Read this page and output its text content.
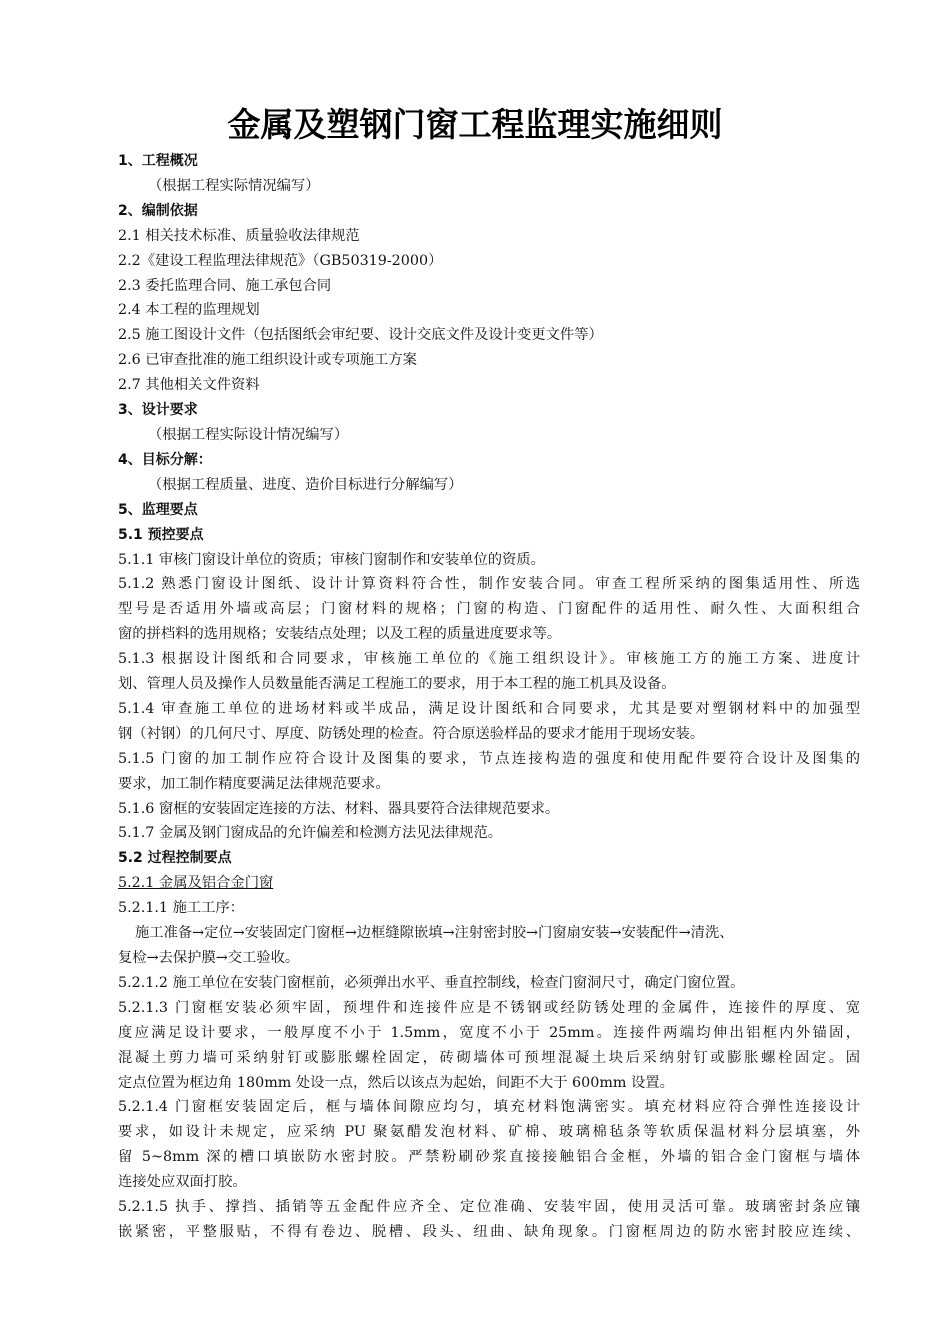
金属及塑钢门窗工程监理实施细则
1、工程概况
（根据工程实际情况编写）
2、编制依据
2.1 相关技术标准、质量验收法律规范
2.2《建设工程监理法律规范》（GB50319-2000）
2.3 委托监理合同、施工承包合同
2.4 本工程的监理规划
2.5 施工图设计文件（包括图纸会审纪要、设计交底文件及设计变更文件等）
2.6 已审查批准的施工组织设计或专项施工方案
2.7 其他相关文件资料
3、设计要求
（根据工程实际设计情况编写）
4、目标分解：
（根据工程质量、进度、造价目标进行分解编写）
5、监理要点
5.1 预控要点
5.1.1 审核门窗设计单位的资质；审核门窗制作和安装单位的资质。
5.1.2 熟悉门窗设计图纸、设计计算资料符合性，制作安装合同。审查工程所采纳的图集适用性、所选
型号是否适用外墙或高层；门窗材料的规格；门窗的构造、门窗配件的适用性、耐久性、大面积组合
窗的拼档料的选用规格；安装结点处理；以及工程的质量进度要求等。
5.1.3 根据设计图纸和合同要求，审核施工单位的《施工组织设计》。审核施工方的施工方案、进度计
划、管理人员及操作人员数量能否满足工程施工的要求，用于本工程的施工机具及设备。
5.1.4 审查施工单位的进场材料或半成品，满足设计图纸和合同要求，尤其是要对塑钢材料中的加强型
钢（衬钢）的几何尺寸、厚度、防锈处理的检查。符合原送验样品的要求才能用于现场安装。
5.1.5 门窗的加工制作应符合设计及图集的要求，节点连接构造的强度和使用配件要符合设计及图集的
要求，加工制作精度要满足法律规范要求。
5.1.6 窗框的安装固定连接的方法、材料、器具要符合法律规范要求。
5.1.7 金属及钢门窗成品的允许偏差和检测方法见法律规范。
5.2 过程控制要点
5.2.1 金属及铝合金门窗
5.2.1.1 施工工序：
施工准备→定位→安装固定门窗框→边框缝隙嵌填→注射密封胶→门窗扇安装→安装配件→清洗、
复检→去保护膜→交工验收。
5.2.1.2 施工单位在安装门窗框前，必须弹出水平、垂直控制线，检查门窗洞尺寸，确定门窗位置。
5.2.1.3 门窗框安装必须牢固，预埋件和连接件应是不锈钢或经防锈处理的金属件，连接件的厚度、宽
度应满足设计要求，一般厚度不小于 1.5mm，宽度不小于 25mm。连接件两端均伸出铝框内外锚固，
混凝土剪力墙可采纳射钉或膨胀螺栓固定，砖砌墙体可预埋混凝土块后采纳射钉或膨胀螺栓固定。固
定点位置为框边角 180mm 处设一点，然后以该点为起始，间距不大于 600mm 设置。
5.2.1.4 门窗框安装固定后，框与墙体间隙应均匀，填充材料饱满密实。填充材料应符合弹性连接设计
要求，如设计未规定，应采纳 PU 聚氨醋发泡材料、矿棉、玻璃棉毡条等软质保温材料分层填塞，外
留 5~8mm 深的槽口填嵌防水密封胶。严禁粉刷砂浆直接接触铝合金框，外墙的铝合金门窗框与墙体
连接处应双面打胶。
5.2.1.5 执手、撑挡、插销等五金配件应齐全、定位准确、安装牢固，使用灵活可靠。玻璃密封条应镶
嵌紧密，平整服贴，不得有卷边、脱槽、段头、纽曲、缺角现象。门窗框周边的防水密封胶应连续、
